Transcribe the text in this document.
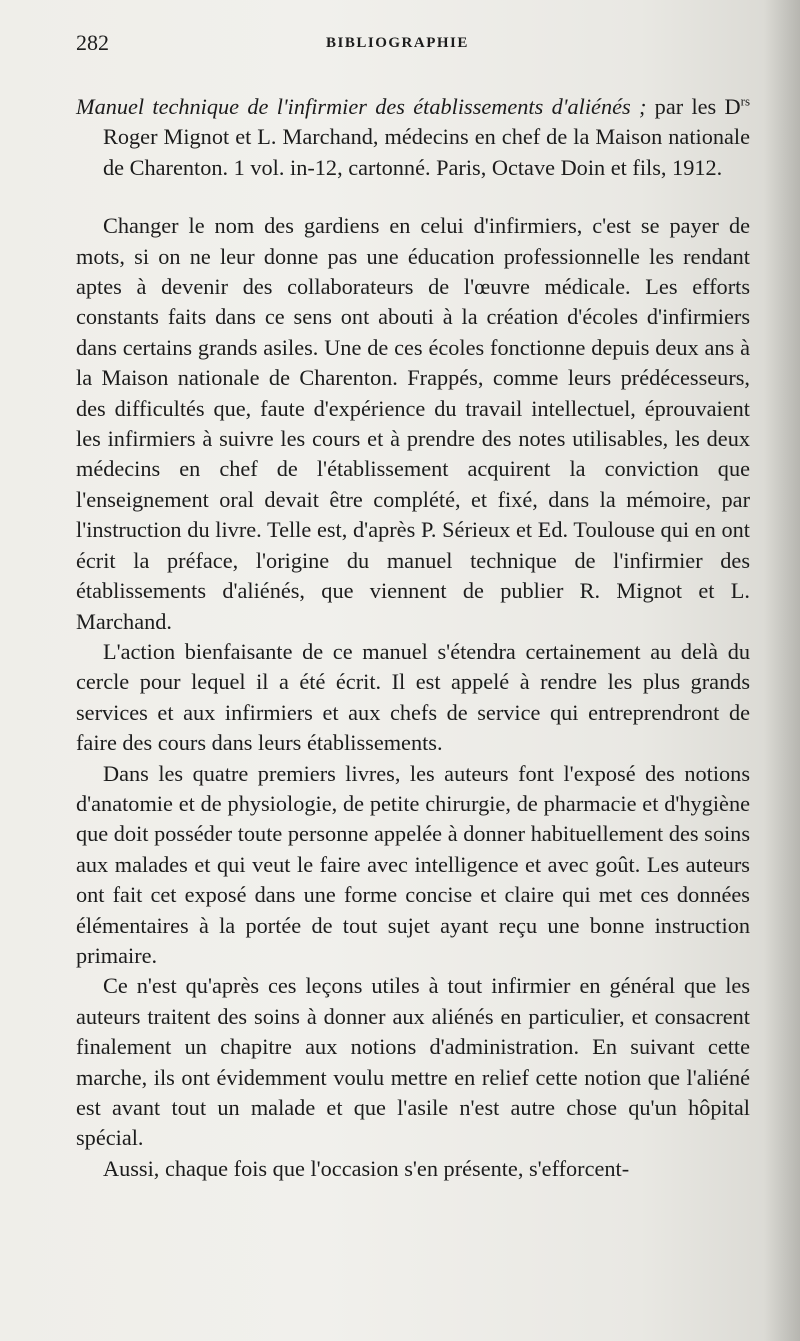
282	BIBLIOGRAPHIE

Manuel technique de l'infirmier des établissements d'aliénés ; par les $D^{rs}$ Roger Mignot et L. Marchand, médecins en chef de la Maison nationale de Charenton. 1 vol. in-12, cartonné. Paris, Octave Doin et fils, 1912.

Changer le nom des gardiens en celui d'infirmiers, c'est se payer de mots, si on ne leur donne pas une éducation professionnelle les rendant aptes à devenir des collaborateurs de l'œuvre médicale. Les efforts constants faits dans ce sens ont abouti à la création d'écoles d'infirmiers dans certains grands asiles. Une de ces écoles fonctionne depuis deux ans à la Maison nationale de Charenton. Frappés, comme leurs prédécesseurs, des difficultés que, faute d'expérience du travail intellectuel, éprouvaient les infirmiers à suivre les cours et à prendre des notes utilisables, les deux médecins en chef de l'établissement acquirent la conviction que l'enseignement oral devait être complété, et fixé, dans la mémoire, par l'instruction du livre. Telle est, d'après P. Sérieux et Ed. Toulouse qui en ont écrit la préface, l'origine du manuel technique de l'infirmier des établissements d'aliénés, que viennent de publier R. Mignot et L. Marchand.

L'action bienfaisante de ce manuel s'étendra certainement au delà du cercle pour lequel il a été écrit. Il est appelé à rendre les plus grands services et aux infirmiers et aux chefs de service qui entreprendront de faire des cours dans leurs établissements.

Dans les quatre premiers livres, les auteurs font l'exposé des notions d'anatomie et de physiologie, de petite chirurgie, de pharmacie et d'hygiène que doit posséder toute personne appelée à donner habituellement des soins aux malades et qui veut le faire avec intelligence et avec goût. Les auteurs ont fait cet exposé dans une forme concise et claire qui met ces données élémentaires à la portée de tout sujet ayant reçu une bonne instruction primaire.

Ce n'est qu'après ces leçons utiles à tout infirmier en général que les auteurs traitent des soins à donner aux aliénés en particulier, et consacrent finalement un chapitre aux notions d'administration. En suivant cette marche, ils ont évidemment voulu mettre en relief cette notion que l'aliéné est avant tout un malade et que l'asile n'est autre chose qu'un hôpital spécial.

Aussi, chaque fois que l'occasion s'en présente, s'efforcent-
